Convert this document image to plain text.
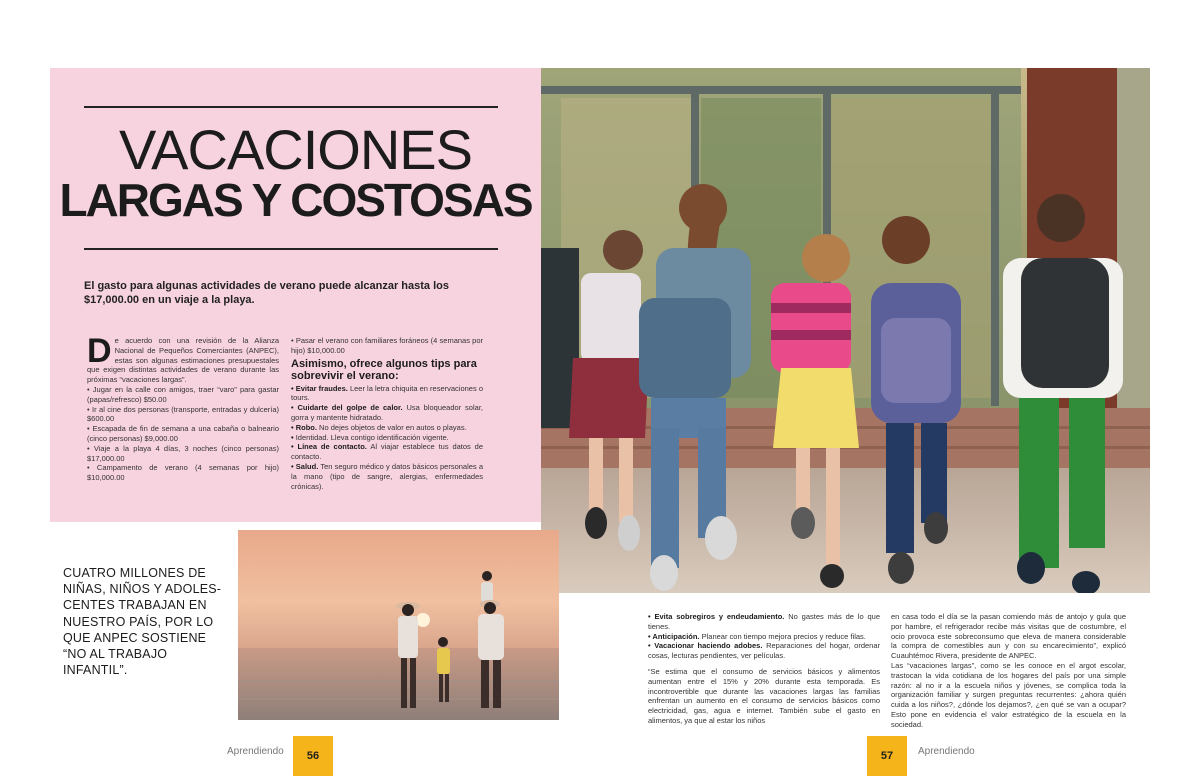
VACACIONES
LARGAS Y COSTOSAS
El gasto para algunas actividades de verano puede alcanzar hasta los $17,000.00 en un viaje a la playa.

De acuerdo con una revisión de la Alianza Nacional de Pequeños Comerciantes (ANPEC), estas son algunas estimaciones presupuestales que exigen distintas actividades de verano durante las próximas “vacaciones largas”.

• Jugar en la calle con amigos, traer “varo” para gastar (papas/refresco) $50.00

• Ir al cine dos personas (transporte, entradas y dulcería) $600.00

• Escapada de fin de semana a una cabaña o balneario (cinco personas) $9,000.00

• Viaje a la playa 4 días, 3 noches (cinco personas) $17,000.00

• Campamento de verano (4 semanas por hijo) $10,000.00

• Pasar el verano con familiares foráneos (4 semanas por hijo) $10,000.00

Asimismo, ofrece algunos tips para sobrevivir el verano:

• Evitar fraudes. Leer la letra chiquita en reservaciones o tours.

• Cuidarte del golpe de calor. Usa bloqueador solar, gorra y mantente hidratado.

• Robo. No dejes objetos de valor en autos o playas.

• Identidad. Lleva contigo identificación vigente.

• Línea de contacto. Al viajar establece tus datos de contacto.

• Salud. Ten seguro médico y datos básicos personales a la mano (tipo de sangre, alergias, enfermedades crónicas).

CUATRO MILLONES DE NIÑAS, NIÑOS Y ADOLES-CENTES TRABAJAN EN NUESTRO PAÍS, POR LO QUE ANPEC SOSTIENE “NO AL TRABAJO INFANTIL”.

• Evita sobregiros y endeudamiento. No gastes más de lo que tienes.
• Anticipación. Planear con tiempo mejora precios y reduce filas.
• Vacacionar haciendo adobes. Reparaciones del hogar, ordenar cosas, lecturas pendientes, ver películas.

“Se estima que el consumo de servicios básicos y alimentos aumentan entre el 15% y 20% durante esta temporada. Es incontrovertible que durante las vacaciones largas las familias enfrentan un aumento en el consumo de servicios básicos como electricidad, gas, agua e internet. También sube el gasto en alimentos, ya que al estar los niños

en casa todo el día se la pasan comiendo más de antojo y gula que por hambre, el refrigerador recibe más visitas que de costumbre, el ocio provoca este sobreconsumo que eleva de manera considerable la compra de comestibles aun y con su encarecimiento”, explicó Cuauhtémoc Rivera, presidente de ANPEC.

Las “vacaciones largas”, como se les conoce en el argot escolar, trastocan la vida cotidiana de los hogares del país por una simple razón: al no ir a la escuela niños y jóvenes, se complica toda la organización familiar y surgen preguntas recurrentes: ¿ahora quién cuida a los niños?, ¿dónde los dejamos?, ¿en qué se van a ocupar? Esto pone en evidencia el valor estratégico de la escuela en la sociedad.

Aprendiendo	56	57	Aprendiendo
